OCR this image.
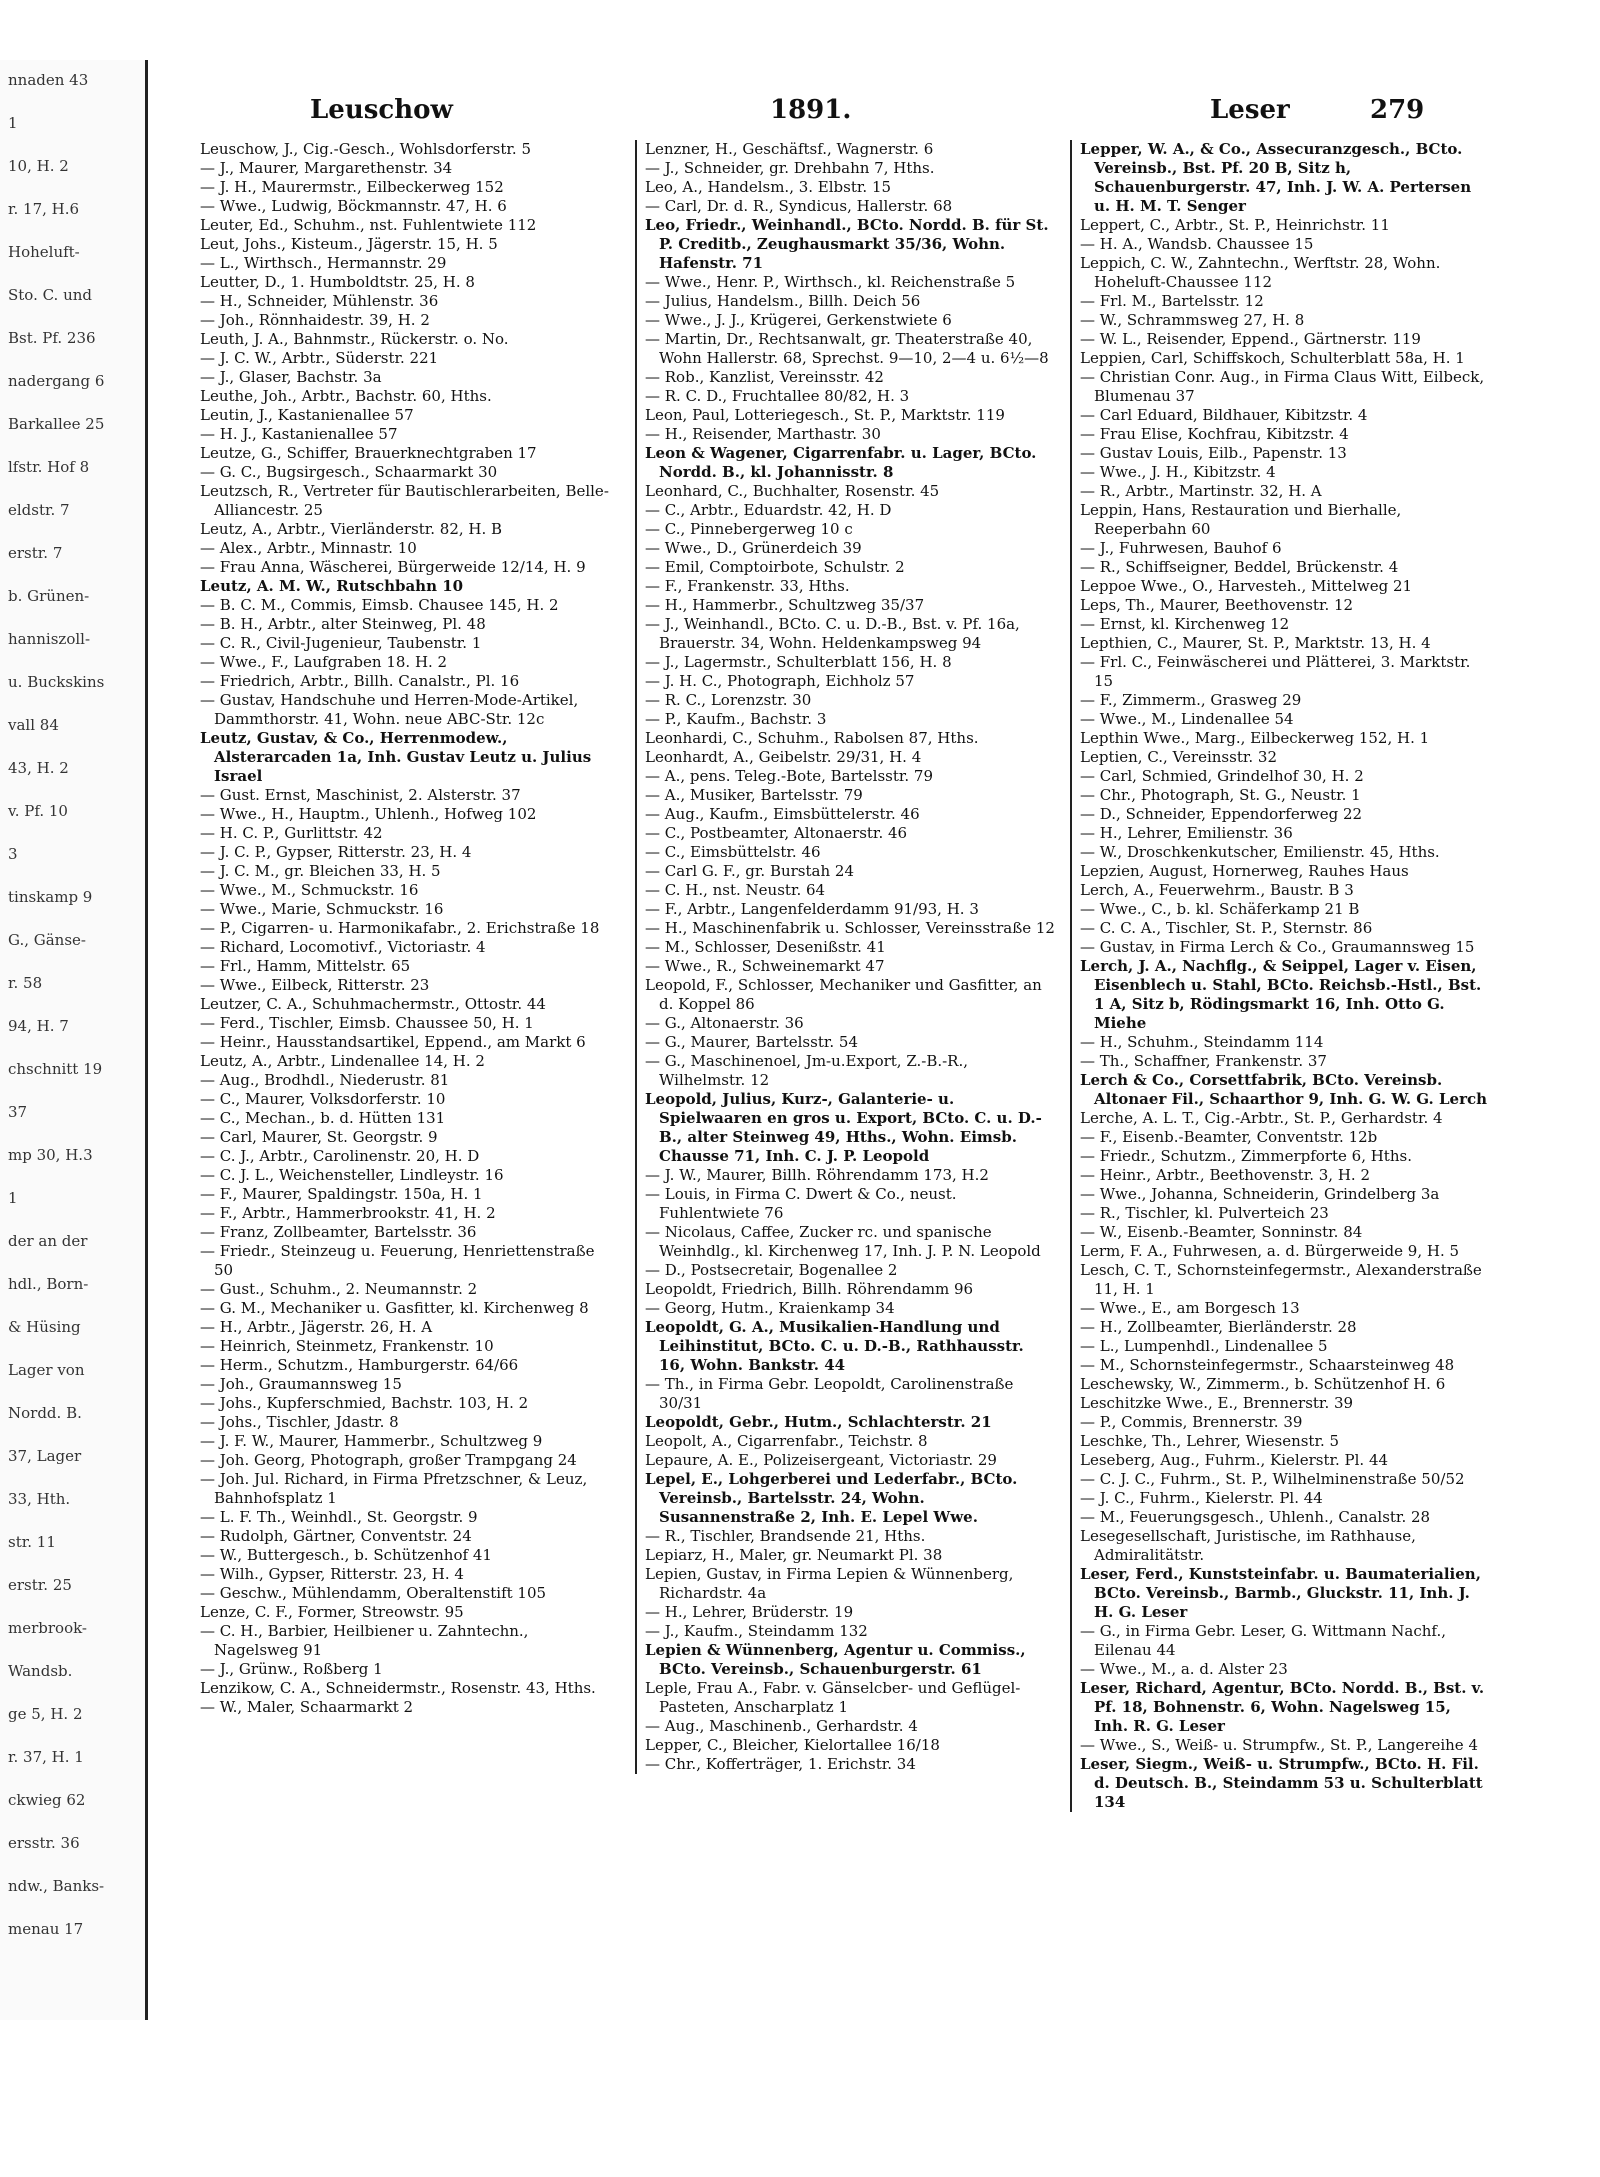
nnaden 43
1
10, H. 2
r. 17, H.6
Hoheluft-
Sto. C. und
Bst. Pf. 236
nadergang 6
Barkallee 25
lfstr. Hof 8
eldstr. 7
erstr. 7
b. Grünen-
hanniszoll-
u. Buckskins
vall 84
43, H. 2
v. Pf. 10
3
tinskamp 9
G., Gänse-
r. 58
94, H. 7
chschnitt 19
37
mp 30, H.3
1
der an der
hdl., Born-
& Hüsing
Lager von
Nordd. B.
37, Lager
33, Hth.
str. 11
erstr. 25
merbrook-
Wandsb.
ge 5, H. 2
r. 37, H. 1
ckwieg 62
ersstr. 36
ndw., Banks-
menau 17
Leuschow	1891.	Leser	279

Leuschow, J., Cig.-Gesch., Wohlsdorferstr. 5

— J., Maurer, Margarethenstr. 34

— J. H., Maurermstr., Eilbeckerweg 152

— Wwe., Ludwig, Böckmannstr. 47, H. 6

Leuter, Ed., Schuhm., nst. Fuhlentwiete 112

Leut, Johs., Kisteum., Jägerstr. 15, H. 5

— L., Wirthsch., Hermannstr. 29

Leutter, D., 1. Humboldtstr. 25, H. 8

— H., Schneider, Mühlenstr. 36

— Joh., Rönnhaidestr. 39, H. 2

Leuth, J. A., Bahnmstr., Rückerstr. o. No.

— J. C. W., Arbtr., Süderstr. 221

— J., Glaser, Bachstr. 3a

Leuthe, Joh., Arbtr., Bachstr. 60, Hths.

Leutin, J., Kastanienallee 57

— H. J., Kastanienallee 57

Leutze, G., Schiffer, Brauerknechtgraben 17

— G. C., Bugsirgesch., Schaarmarkt 30

Leutzsch, R., Vertreter für Bautischlerarbeiten, Belle-Alliancestr. 25

Leutz, A., Arbtr., Vierländerstr. 82, H. B

— Alex., Arbtr., Minnastr. 10

— Frau Anna, Wäscherei, Bürgerweide 12/14, H. 9

Leutz, A. M. W., Rutschbahn 10

— B. C. M., Commis, Eimsb. Chausee 145, H. 2

— B. H., Arbtr., alter Steinweg, Pl. 48

— C. R., Civil-Jugenieur, Taubenstr. 1

— Wwe., F., Laufgraben 18. H. 2

— Friedrich, Arbtr., Billh. Canalstr., Pl. 16

— Gustav, Handschuhe und Herren-Mode-Artikel, Dammthorstr. 41, Wohn. neue ABC-Str. 12c

Leutz, Gustav, & Co., Herrenmodew., Alsterarcaden 1a, Inh. Gustav Leutz u. Julius Israel

— Gust. Ernst, Maschinist, 2. Alsterstr. 37

— Wwe., H., Hauptm., Uhlenh., Hofweg 102

— H. C. P., Gurlittstr. 42

— J. C. P., Gypser, Ritterstr. 23, H. 4

— J. C. M., gr. Bleichen 33, H. 5

— Wwe., M., Schmuckstr. 16

— Wwe., Marie, Schmuckstr. 16

— P., Cigarren- u. Harmonikafabr., 2. Erichstraße 18

— Richard, Locomotivf., Victoriastr. 4

— Frl., Hamm, Mittelstr. 65

— Wwe., Eilbeck, Ritterstr. 23

Leutzer, C. A., Schuhmachermstr., Ottostr. 44

— Ferd., Tischler, Eimsb. Chaussee 50, H. 1

— Heinr., Hausstandsartikel, Eppend., am Markt 6

Leutz, A., Arbtr., Lindenallee 14, H. 2

— Aug., Brodhdl., Niederustr. 81

— C., Maurer, Volksdorferstr. 10

— C., Mechan., b. d. Hütten 131

— Carl, Maurer, St. Georgstr. 9

— C. J., Arbtr., Carolinenstr. 20, H. D

— C. J. L., Weichensteller, Lindleystr. 16

— F., Maurer, Spaldingstr. 150a, H. 1

— F., Arbtr., Hammerbrookstr. 41, H. 2

— Franz, Zollbeamter, Bartelsstr. 36

— Friedr., Steinzeug u. Feuerung, Henriettenstraße 50

— Gust., Schuhm., 2. Neumannstr. 2

— G. M., Mechaniker u. Gasfitter, kl. Kirchenweg 8

— H., Arbtr., Jägerstr. 26, H. A

— Heinrich, Steinmetz, Frankenstr. 10

— Herm., Schutzm., Hamburgerstr. 64/66

— Joh., Graumannsweg 15

— Johs., Kupferschmied, Bachstr. 103, H. 2

— Johs., Tischler, Jdastr. 8

— J. F. W., Maurer, Hammerbr., Schultzweg 9

— Joh. Georg, Photograph, großer Trampgang 24

— Joh. Jul. Richard, in Firma Pfretzschner, & Leuz, Bahnhofsplatz 1

— L. F. Th., Weinhdl., St. Georgstr. 9

— Rudolph, Gärtner, Conventstr. 24

— W., Buttergesch., b. Schützenhof 41

— Wilh., Gypser, Ritterstr. 23, H. 4

— Geschw., Mühlendamm, Oberaltenstift 105

Lenze, C. F., Former, Streowstr. 95

— C. H., Barbier, Heilbiener u. Zahntechn., Nagelsweg 91

— J., Grünw., Roßberg 1

Lenzikow, C. A., Schneidermstr., Rosenstr. 43, Hths.

— W., Maler, Schaarmarkt 2

Lenzner, H., Geschäftsf., Wagnerstr. 6

— J., Schneider, gr. Drehbahn 7, Hths.

Leo, A., Handelsm., 3. Elbstr. 15

— Carl, Dr. d. R., Syndicus, Hallerstr. 68

Leo, Friedr., Weinhandl., BCto. Nordd. B. für St. P. Creditb., Zeughausmarkt 35/36, Wohn. Hafenstr. 71

— Wwe., Henr. P., Wirthsch., kl. Reichenstraße 5

— Julius, Handelsm., Billh. Deich 56

— Wwe., J. J., Krügerei, Gerkenstwiete 6

— Martin, Dr., Rechtsanwalt, gr. Theaterstraße 40, Wohn Hallerstr. 68, Sprechst. 9—10, 2—4 u. 6½—8

— Rob., Kanzlist, Vereinsstr. 42

— R. C. D., Fruchtallee 80/82, H. 3

Leon, Paul, Lotteriegesch., St. P., Marktstr. 119

— H., Reisender, Marthastr. 30

Leon & Wagener, Cigarrenfabr. u. Lager, BCto. Nordd. B., kl. Johannisstr. 8

Leonhard, C., Buchhalter, Rosenstr. 45

— C., Arbtr., Eduardstr. 42, H. D

— C., Pinnebergerweg 10 c

— Wwe., D., Grünerdeich 39

— Emil, Comptoirbote, Schulstr. 2

— F., Frankenstr. 33, Hths.

— H., Hammerbr., Schultzweg 35/37

— J., Weinhandl., BCto. C. u. D.-B., Bst. v. Pf. 16a, Brauerstr. 34, Wohn. Heldenkampsweg 94

— J., Lagermstr., Schulterblatt 156, H. 8

— J. H. C., Photograph, Eichholz 57

— R. C., Lorenzstr. 30

— P., Kaufm., Bachstr. 3

Leonhardi, C., Schuhm., Rabolsen 87, Hths.

Leonhardt, A., Geibelstr. 29/31, H. 4

— A., pens. Teleg.-Bote, Bartelsstr. 79

— A., Musiker, Bartelsstr. 79

— Aug., Kaufm., Eimsbüttelerstr. 46

— C., Postbeamter, Altonaerstr. 46

— C., Eimsbüttelstr. 46

— Carl G. F., gr. Burstah 24

— C. H., nst. Neustr. 64

— F., Arbtr., Langenfelderdamm 91/93, H. 3

— H., Maschinenfabrik u. Schlosser, Vereinsstraße 12

— M., Schlosser, Desenißstr. 41

— Wwe., R., Schweinemarkt 47

Leopold, F., Schlosser, Mechaniker und Gasfitter, an d. Koppel 86

— G., Altonaerstr. 36

— G., Maurer, Bartelsstr. 54

— G., Maschinenoel, Jm-u.Export, Z.-B.-R., Wilhelmstr. 12

Leopold, Julius, Kurz-, Galanterie- u. Spielwaaren en gros u. Export, BCto. C. u. D.-B., alter Steinweg 49, Hths., Wohn. Eimsb. Chausse 71, Inh. C. J. P. Leopold

— J. W., Maurer, Billh. Röhrendamm 173, H.2

— Louis, in Firma C. Dwert & Co., neust. Fuhlentwiete 76

— Nicolaus, Caffee, Zucker rc. und spanische Weinhdlg., kl. Kirchenweg 17, Inh. J. P. N. Leopold

— D., Postsecretair, Bogenallee 2

Leopoldt, Friedrich, Billh. Röhrendamm 96

— Georg, Hutm., Kraienkamp 34

Leopoldt, G. A., Musikalien-Handlung und Leihinstitut, BCto. C. u. D.-B., Rathhausstr. 16, Wohn. Bankstr. 44

— Th., in Firma Gebr. Leopoldt, Carolinenstraße 30/31

Leopoldt, Gebr., Hutm., Schlachterstr. 21

Leopolt, A., Cigarrenfabr., Teichstr. 8

Lepaure, A. E., Polizeisergeant, Victoriastr. 29

Lepel, E., Lohgerberei und Lederfabr., BCto. Vereinsb., Bartelsstr. 24, Wohn. Susannenstraße 2, Inh. E. Lepel Wwe.

— R., Tischler, Brandsende 21, Hths.

Lepiarz, H., Maler, gr. Neumarkt Pl. 38

Lepien, Gustav, in Firma Lepien & Wünnenberg, Richardstr. 4a

— H., Lehrer, Brüderstr. 19

— J., Kaufm., Steindamm 132

Lepien & Wünnenberg, Agentur u. Commiss., BCto. Vereinsb., Schauenburgerstr. 61

Leple, Frau A., Fabr. v. Gänselcber- und Geflügel-Pasteten, Anscharplatz 1

— Aug., Maschinenb., Gerhardstr. 4

Lepper, C., Bleicher, Kielortallee 16/18

— Chr., Kofferträger, 1. Erichstr. 34

Lepper, W. A., & Co., Assecuranzgesch., BCto. Vereinsb., Bst. Pf. 20 B, Sitz h, Schauenburgerstr. 47, Inh. J. W. A. Pertersen u. H. M. T. Senger

Leppert, C., Arbtr., St. P., Heinrichstr. 11

— H. A., Wandsb. Chaussee 15

Leppich, C. W., Zahntechn., Werftstr. 28, Wohn. Hoheluft-Chaussee 112

— Frl. M., Bartelsstr. 12

— W., Schrammsweg 27, H. 8

— W. L., Reisender, Eppend., Gärtnerstr. 119

Leppien, Carl, Schiffskoch, Schulterblatt 58a, H. 1

— Christian Conr. Aug., in Firma Claus Witt, Eilbeck, Blumenau 37

— Carl Eduard, Bildhauer, Kibitzstr. 4

— Frau Elise, Kochfrau, Kibitzstr. 4

— Gustav Louis, Eilb., Papenstr. 13

— Wwe., J. H., Kibitzstr. 4

— R., Arbtr., Martinstr. 32, H. A

Leppin, Hans, Restauration und Bierhalle, Reeperbahn 60

— J., Fuhrwesen, Bauhof 6

— R., Schiffseigner, Beddel, Brückenstr. 4

Leppoe Wwe., O., Harvesteh., Mittelweg 21

Leps, Th., Maurer, Beethovenstr. 12

— Ernst, kl. Kirchenweg 12

Lepthien, C., Maurer, St. P., Marktstr. 13, H. 4

— Frl. C., Feinwäscherei und Plätterei, 3. Marktstr. 15

— F., Zimmerm., Grasweg 29

— Wwe., M., Lindenallee 54

Lepthin Wwe., Marg., Eilbeckerweg 152, H. 1

Leptien, C., Vereinsstr. 32

— Carl, Schmied, Grindelhof 30, H. 2

— Chr., Photograph, St. G., Neustr. 1

— D., Schneider, Eppendorferweg 22

— H., Lehrer, Emilienstr. 36

— W., Droschkenkutscher, Emilienstr. 45, Hths.

Lepzien, August, Hornerweg, Rauhes Haus

Lerch, A., Feuerwehrm., Baustr. B 3

— Wwe., C., b. kl. Schäferkamp 21 B

— C. C. A., Tischler, St. P., Sternstr. 86

— Gustav, in Firma Lerch & Co., Graumannsweg 15

Lerch, J. A., Nachflg., & Seippel, Lager v. Eisen, Eisenblech u. Stahl, BCto. Reichsb.-Hstl., Bst. 1 A, Sitz b, Rödingsmarkt 16, Inh. Otto G. Miehe

— H., Schuhm., Steindamm 114

— Th., Schaffner, Frankenstr. 37

Lerch & Co., Corsettfabrik, BCto. Vereinsb. Altonaer Fil., Schaarthor 9, Inh. G. W. G. Lerch

Lerche, A. L. T., Cig.-Arbtr., St. P., Gerhardstr. 4

— F., Eisenb.-Beamter, Conventstr. 12b

— Friedr., Schutzm., Zimmerpforte 6, Hths.

— Heinr., Arbtr., Beethovenstr. 3, H. 2

— Wwe., Johanna, Schneiderin, Grindelberg 3a

— R., Tischler, kl. Pulverteich 23

— W., Eisenb.-Beamter, Sonninstr. 84

Lerm, F. A., Fuhrwesen, a. d. Bürgerweide 9, H. 5

Lesch, C. T., Schornsteinfegermstr., Alexanderstraße 11, H. 1

— Wwe., E., am Borgesch 13

— H., Zollbeamter, Bierländerstr. 28

— L., Lumpenhdl., Lindenallee 5

— M., Schornsteinfegermstr., Schaarsteinweg 48

Leschewsky, W., Zimmerm., b. Schützenhof H. 6

Leschitzke Wwe., E., Brennerstr. 39

— P., Commis, Brennerstr. 39

Leschke, Th., Lehrer, Wiesenstr. 5

Leseberg, Aug., Fuhrm., Kielerstr. Pl. 44

— C. J. C., Fuhrm., St. P., Wilhelminenstraße 50/52

— J. C., Fuhrm., Kielerstr. Pl. 44

— M., Feuerungsgesch., Uhlenh., Canalstr. 28

Lesegesellschaft, Juristische, im Rathhause, Admiralitätstr.

Leser, Ferd., Kunststeinfabr. u. Baumaterialien, BCto. Vereinsb., Barmb., Gluckstr. 11, Inh. J. H. G. Leser

— G., in Firma Gebr. Leser, G. Wittmann Nachf., Eilenau 44

— Wwe., M., a. d. Alster 23

Leser, Richard, Agentur, BCto. Nordd. B., Bst. v. Pf. 18, Bohnenstr. 6, Wohn. Nagelsweg 15, Inh. R. G. Leser

— Wwe., S., Weiß- u. Strumpfw., St. P., Langereihe 4

Leser, Siegm., Weiß- u. Strumpfw., BCto. H. Fil. d. Deutsch. B., Steindamm 53 u. Schulterblatt 134
